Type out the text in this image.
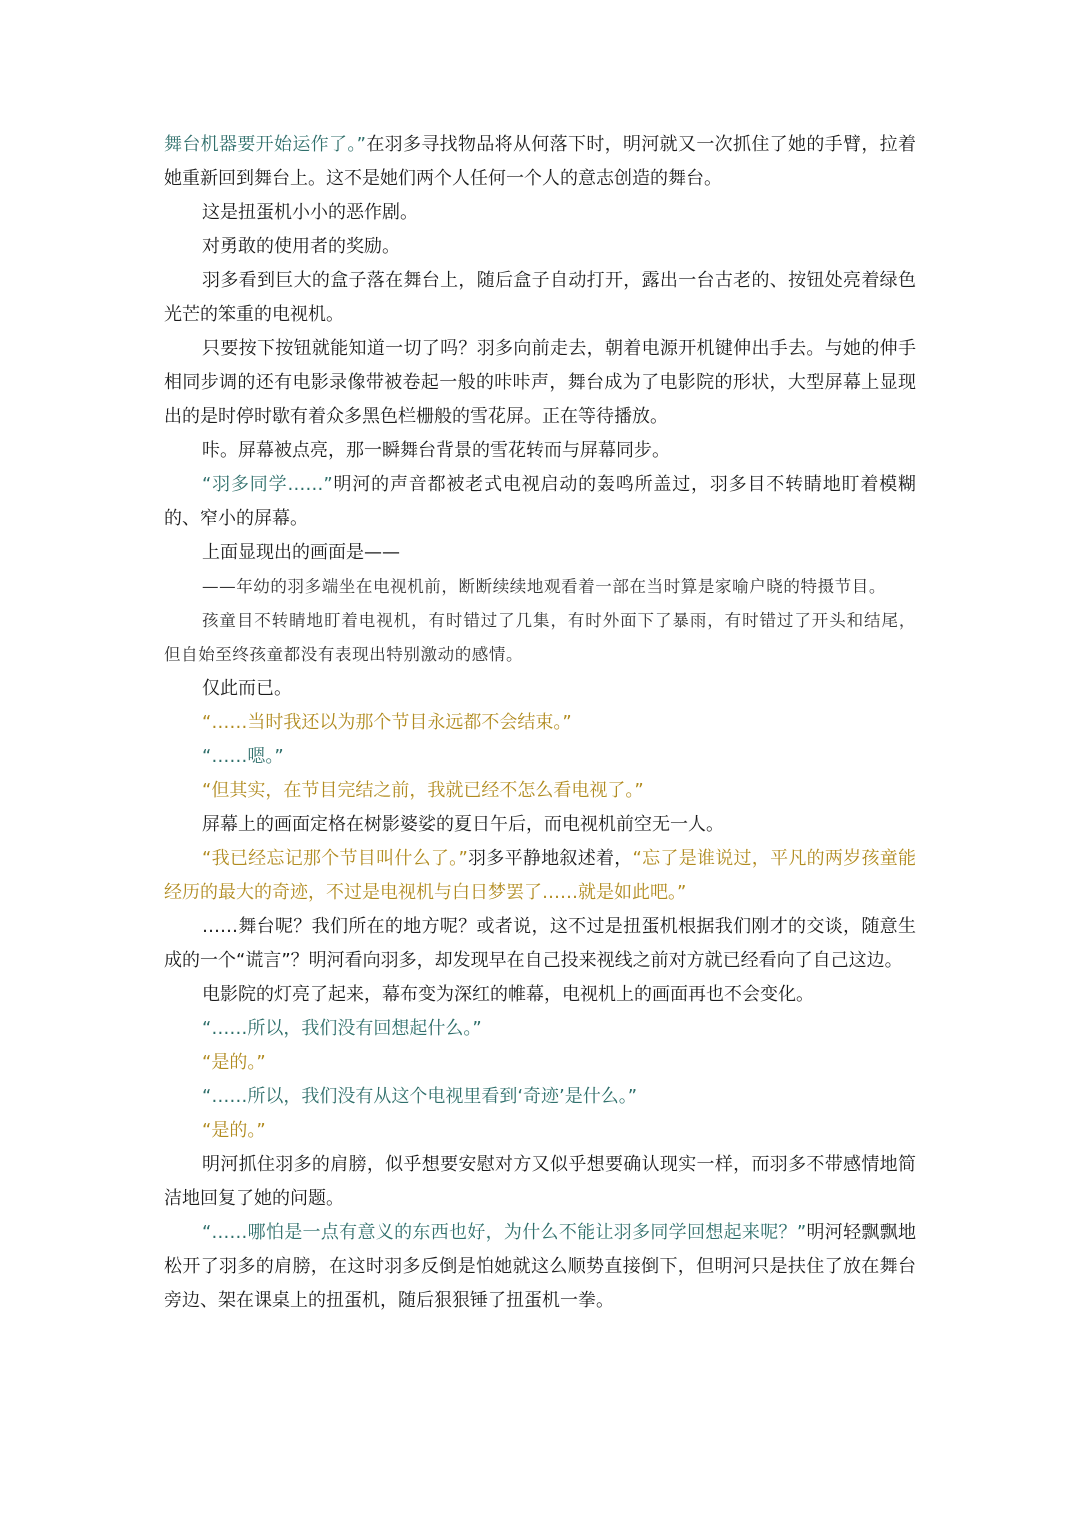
舞台机器要开始运作了。”在羽多寻找物品将从何落下时，明河就又一次抓住了她的手臂，拉着她重新回到舞台上。这不是她们两个人任何一个人的意志创造的舞台。

这是扭蛋机小小的恶作剧。

对勇敢的使用者的奖励。

羽多看到巨大的盒子落在舞台上，随后盒子自动打开，露出一台古老的、按钮处亮着绿色光芒的笨重的电视机。

只要按下按钮就能知道一切了吗？羽多向前走去，朝着电源开机键伸出手去。与她的伸手相同步调的还有电影录像带被卷起一般的咔咔声，舞台成为了电影院的形状，大型屏幕上显现出的是时停时歇有着众多黑色栏栅般的雪花屏。正在等待播放。

咔。屏幕被点亮，那一瞬舞台背景的雪花转而与屏幕同步。

“羽多同学……”明河的声音都被老式电视启动的轰鸣所盖过，羽多目不转睛地盯着模糊的、窄小的屏幕。

上面显现出的画面是——

——年幼的羽多端坐在电视机前，断断续续地观看着一部在当时算是家喻户晓的特摄节目。

孩童目不转睛地盯着电视机，有时错过了几集，有时外面下了暴雨，有时错过了开头和结尾，但自始至终孩童都没有表现出特别激动的感情。

仅此而已。

“……当时我还以为那个节目永远都不会结束。”

“……嗯。”

“但其实，在节目完结之前，我就已经不怎么看电视了。”

屏幕上的画面定格在树影婆娑的夏日午后，而电视机前空无一人。

“我已经忘记那个节目叫什么了。”羽多平静地叙述着，“忘了是谁说过，平凡的两岁孩童能经历的最大的奇迹，不过是电视机与白日梦罢了……就是如此吧。”

……舞台呢？我们所在的地方呢？或者说，这不过是扭蛋机根据我们刚才的交谈，随意生成的一个“谎言”？明河看向羽多，却发现早在自己投来视线之前对方就已经看向了自己这边。

电影院的灯亮了起来，幕布变为深红的帷幕，电视机上的画面再也不会变化。

“……所以，我们没有回想起什么。”

“是的。”

“……所以，我们没有从这个电视里看到‘奇迹’是什么。”

“是的。”

明河抓住羽多的肩膀，似乎想要安慰对方又似乎想要确认现实一样，而羽多不带感情地简洁地回复了她的问题。

“……哪怕是一点有意义的东西也好，为什么不能让羽多同学回想起来呢？”明河轻飘飘地松开了羽多的肩膀，在这时羽多反倒是怕她就这么顺势直接倒下，但明河只是扶住了放在舞台旁边、架在课桌上的扭蛋机，随后狠狠锤了扭蛋机一拳。
